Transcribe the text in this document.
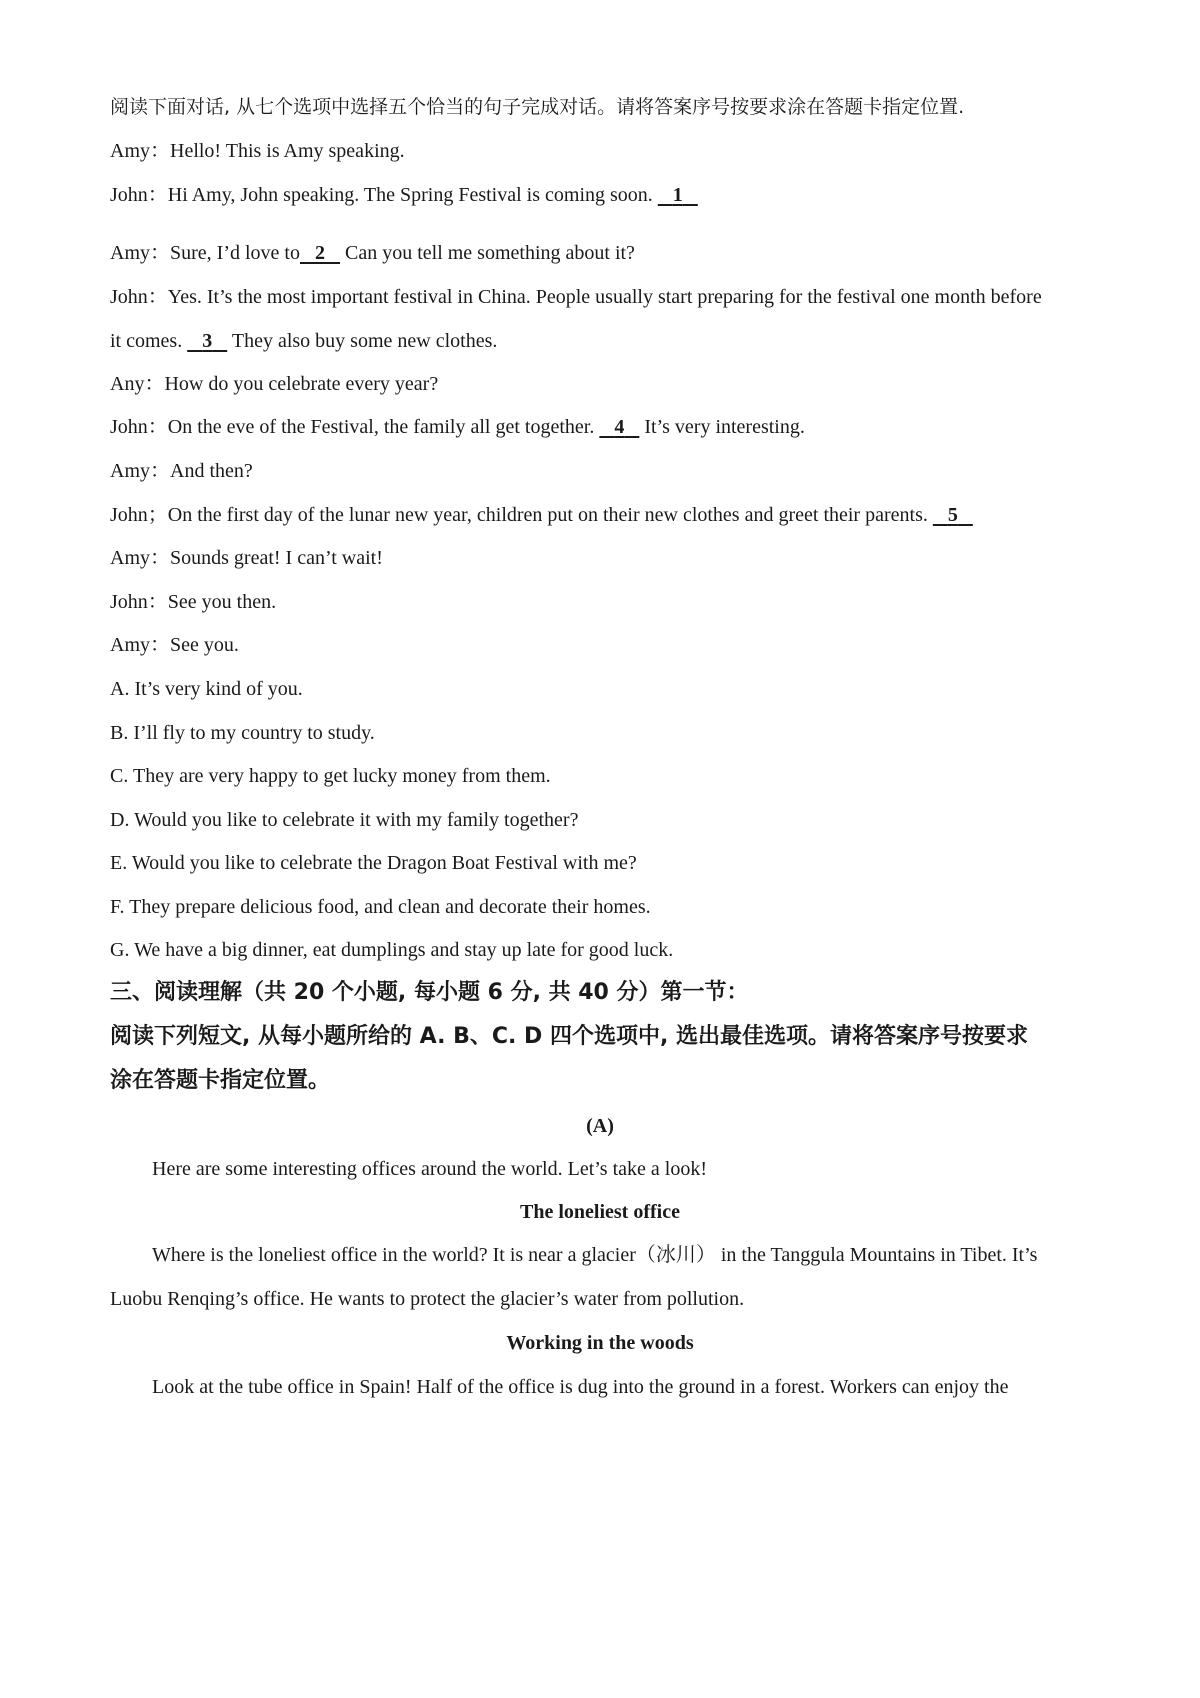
阅读下面对话, 从七个选项中选择五个恰当的句子完成对话。请将答案序号按要求涂在答题卡指定位置.
Amy：Hello! This is Amy speaking.
John：Hi Amy, John speaking. The Spring Festival is coming soon.    1
Amy：Sure, I’d love to 2    Can you tell me something about it?
John：Yes. It’s the most important festival in China. People usually start preparing for the festival one month before
it comes.    3    They also buy some new clothes.
Any：How do you celebrate every year?
John：On the eve of the Festival, the family all get together.    4    It’s very interesting.
Amy：And then?
John；On the first day of the lunar new year, children put on their new clothes and greet their parents.    5
Amy：Sounds great! I can’t wait!
John：See you then.
Amy：See you.
A. It’s very kind of you.
B. I’ll fly to my country to study.
C. They are very happy to get lucky money from them.
D. Would you like to celebrate it with my family together?
E. Would you like to celebrate the Dragon Boat Festival with me?
F. They prepare delicious food, and clean and decorate their homes.
G. We have a big dinner, eat dumplings and stay up late for good luck.
三、阅读理解（共 20 个小题, 每小题 6 分, 共 40 分）第一节：
阅读下列短文, 从每小题所给的 A. B、C. D 四个选项中, 选出最佳选项。请将答案序号按要求
涂在答题卡指定位置。
(A)
Here are some interesting offices around the world. Let’s take a look!
The loneliest office
Where is the loneliest office in the world? It is near a glacier（冰川） in the Tanggula Mountains in Tibet. It’s
Luobu Renqing’s office. He wants to protect the glacier’s water from pollution.
Working in the woods
Look at the tube office in Spain! Half of the office is dug into the ground in a forest. Workers can enjoy the
